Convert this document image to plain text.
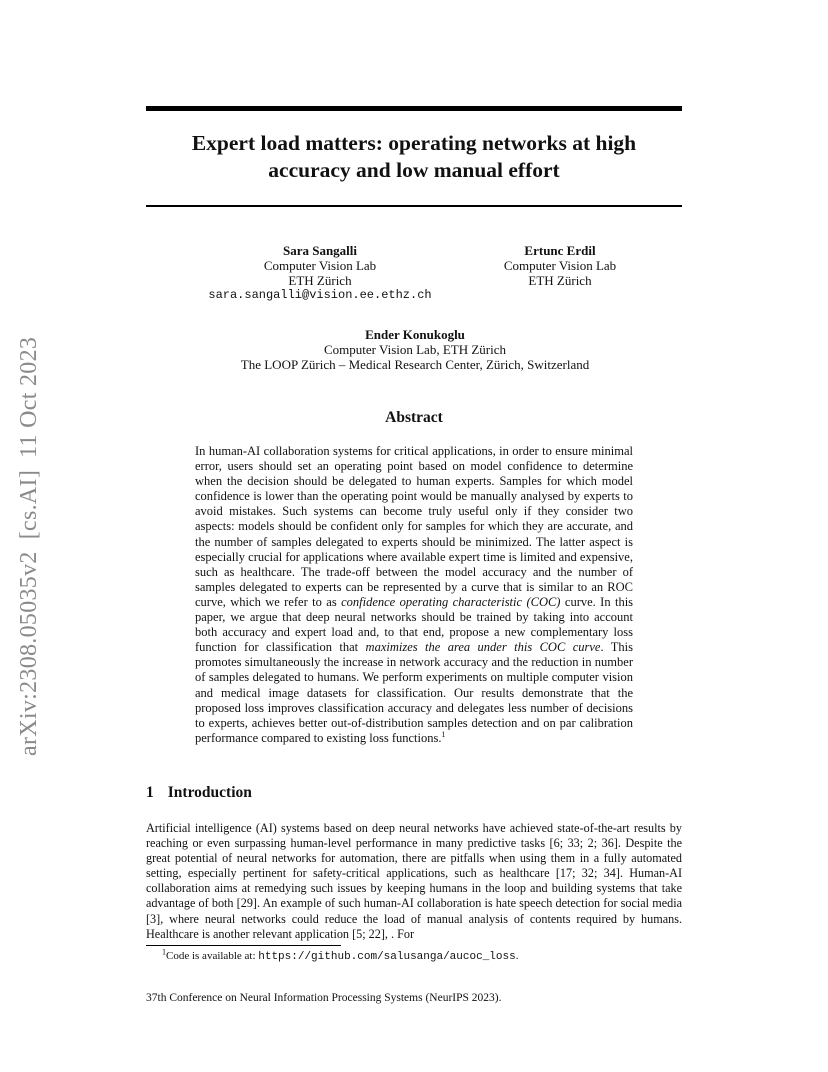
arXiv:2308.05035v2[cs.AI]11 Oct 2023
Expert load matters: operating networks at high
accuracy and low manual effort
Sara Sangalli
Computer Vision Lab
ETH Zürich
sara.sangalli@vision.ee.ethz.ch
Ertunc Erdil
Computer Vision Lab
ETH Zürich
Ender Konukoglu
Computer Vision Lab, ETH Zürich
The LOOP Zürich – Medical Research Center, Zürich, Switzerland
Abstract
In human-AI collaboration systems for critical applications, in order to ensure minimal error, users should set an operating point based on model confidence to determine when the decision should be delegated to human experts. Samples for which model confidence is lower than the operating point would be manually analysed by experts to avoid mistakes. Such systems can become truly useful only if they consider two aspects: models should be confident only for samples for which they are accurate, and the number of samples delegated to experts should be minimized. The latter aspect is especially crucial for applications where available expert time is limited and expensive, such as healthcare. The trade-off between the model accuracy and the number of samples delegated to experts can be represented by a curve that is similar to an ROC curve, which we refer to as confidence operating characteristic (COC) curve. In this paper, we argue that deep neural networks should be trained by taking into account both accuracy and expert load and, to that end, propose a new complementary loss function for classification that maximizes the area under this COC curve. This promotes simultaneously the increase in network accuracy and the reduction in number of samples delegated to humans. We perform experiments on multiple computer vision and medical image datasets for classification. Our results demonstrate that the proposed loss improves classification accuracy and delegates less number of decisions to experts, achieves better out-of-distribution samples detection and on par calibration performance compared to existing loss functions.$^1$
1 Introduction
Artificial intelligence (AI) systems based on deep neural networks have achieved state-of-the-art results by reaching or even surpassing human-level performance in many predictive tasks [6; 33; 2; 36]. Despite the great potential of neural networks for automation, there are pitfalls when using them in a fully automated setting, especially pertinent for safety-critical applications, such as healthcare [17; 32; 34]. Human-AI collaboration aims at remedying such issues by keeping humans in the loop and building systems that take advantage of both [29]. An example of such human-AI collaboration is hate speech detection for social media [3], where neural networks could reduce the load of manual analysis of contents required by humans. Healthcare is another relevant application [5; 22], . For
$^1$Code is available at: https://github.com/salusanga/aucoc_loss.
37th Conference on Neural Information Processing Systems (NeurIPS 2023).
